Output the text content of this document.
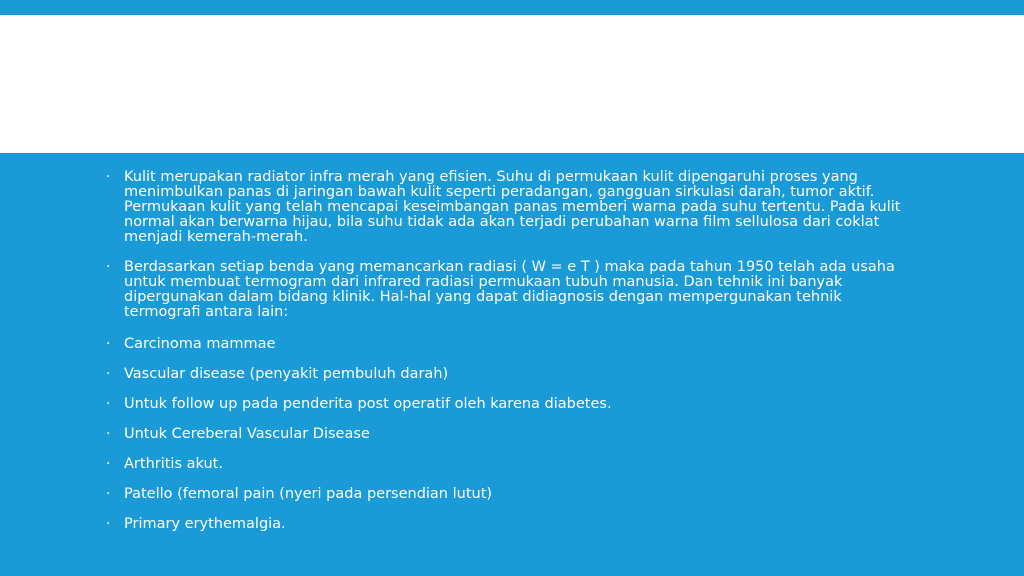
· Kulit merupakan radiator infra merah yang efisien. Suhu di permukaan kulit dipengaruhi proses yang menimbulkan panas di jaringan bawah kulit seperti peradangan, gangguan sirkulasi darah, tumor aktif. Permukaan kulit yang telah mencapai keseimbangan panas memberi warna pada suhu tertentu. Pada kulit normal akan berwarna hijau, bila suhu tidak ada akan terjadi perubahan warna film sellulosa dari coklat menjadi kemerah-merah.
· Berdasarkan setiap benda yang memancarkan radiasi ( W = e T ) maka pada tahun 1950 telah ada usaha untuk membuat termogram dari infrared radiasi permukaan tubuh manusia. Dan tehnik ini banyak dipergunakan dalam bidang klinik. Hal-hal yang dapat didiagnosis dengan mempergunakan tehnik termografi antara lain:
· Carcinoma mammae
· Vascular disease (penyakit pembuluh darah)
· Untuk follow up pada penderita post operatif oleh karena diabetes.
· Untuk Cereberal Vascular Disease
· Arthritis akut.
· Patello (femoral pain (nyeri pada persendian lutut)
· Primary erythemalgia.
